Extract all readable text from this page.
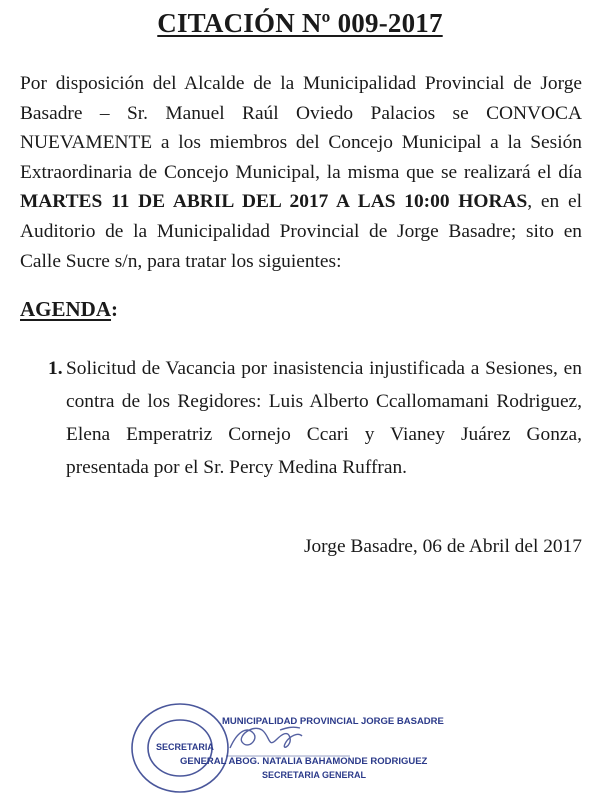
CITACIÓN Nº 009-2017
Por disposición del Alcalde de la Municipalidad Provincial de Jorge Basadre – Sr. Manuel Raúl Oviedo Palacios se CONVOCA NUEVAMENTE a los miembros del Concejo Municipal a la Sesión Extraordinaria de Concejo Municipal, la misma que se realizará el día MARTES 11 DE ABRIL DEL 2017 A LAS 10:00 HORAS, en el Auditorio de la Municipalidad Provincial de Jorge Basadre; sito en Calle Sucre s/n, para tratar los siguientes:
AGENDA:
1. Solicitud de Vacancia por inasistencia injustificada a Sesiones, en contra de los Regidores: Luis Alberto Ccallomamani Rodriguez, Elena Emperatriz Cornejo Ccari y Vianey Juárez Gonza, presentada por el Sr. Percy Medina Ruffran.
Jorge Basadre, 06 de Abril del 2017
MUNICIPALIDAD PROVINCIAL JORGE BASADRE
SECRETARIA
GENERAL ABOG. NATALIA BAHAMONDE RODRIGUEZ
SECRETARIA GENERAL
